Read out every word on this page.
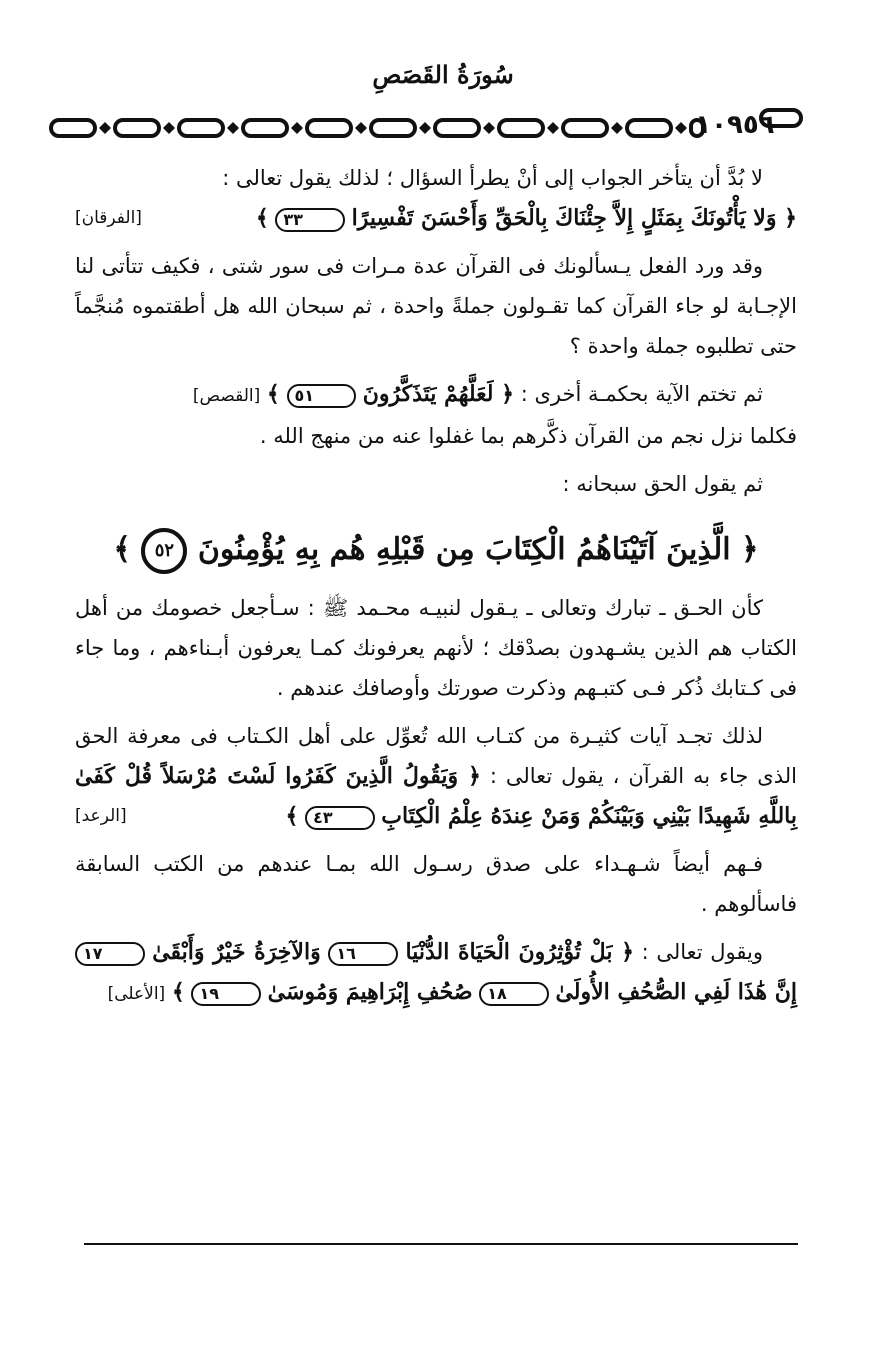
سُورَةُ القَصَصِ
١٠٩٥٦
لا بُدَّ أن يتأخر الجواب إلى أنْ يطرأ السؤال ؛ لذلك يقول تعالى :
﴿ وَلا يَأْتُونَكَ بِمَثَلٍ إِلاَّ جِئْنَاكَ بِالْحَقِّ وَأَحْسَنَ تَفْسِيرًا ٣٣ ﴾
[الفرقان]
وقد ورد الفعل يـسألونك فى القرآن عدة مـرات فى سور شتى ، فكيف تتأتى لنا الإجـابة لو جاء القرآن كما تقـولون جملةً واحدة ، ثم سبحان الله هل أطقتموه مُنجَّماً حتى تطلبوه جملة واحدة ؟
ثم تختم الآية بحكمـة أخرى : ﴿ لَعَلَّهُمْ يَتَذَكَّرُونَ ٥١ ﴾ [القصص]
فكلما نزل نجم من القرآن ذكَّرهم بما غفلوا عنه من منهج الله .
ثم يقول الحق سبحانه :
﴿ الَّذِينَ آتَيْنَاهُمُ الْكِتَابَ مِن قَبْلِهِ هُم بِهِ يُؤْمِنُونَ ٥٢ ﴾
كأن الحـق ـ تبارك وتعالى ـ يـقول لنبيـه محـمد ﷺ : سـأجعل خصومك من أهل الكتاب هم الذين يشـهدون بصدْقك ؛ لأنهم يعرفونك كمـا يعرفون أبـناءهم ، وما جاء فى كـتابك ذُكر فـى كتبـهم وذكرت صورتك وأوصافك عندهم .
لذلك تجـد آيات كثيـرة من كتـاب الله تُعوِّل على أهل الكـتاب فى معرفة الحق الذى جاء به القرآن ، يقول تعالى : ﴿ وَيَقُولُ الَّذِينَ كَفَرُوا لَسْتَ مُرْسَلاً قُلْ كَفَىٰ بِاللَّهِ شَهِيدًا بَيْنِي وَبَيْنَكُمْ وَمَنْ عِندَهُ عِلْمُ الْكِتَابِ ٤٣ ﴾
[الرعد]
فـهم أيضاً شـهـداء على صدق رسـول الله بمـا عندهم من الكتب السابقة فاسألوهم .
ويقول تعالى : ﴿ بَلْ تُؤْثِرُونَ الْحَيَاةَ الدُّنْيَا ١٦ وَالآخِرَةُ خَيْرٌ وَأَبْقَىٰ ١٧ إِنَّ هَٰذَا لَفِي الصُّحُفِ الأُولَىٰ ١٨ صُحُفِ إِبْرَاهِيمَ وَمُوسَىٰ ١٩ ﴾ [الأعلى]
